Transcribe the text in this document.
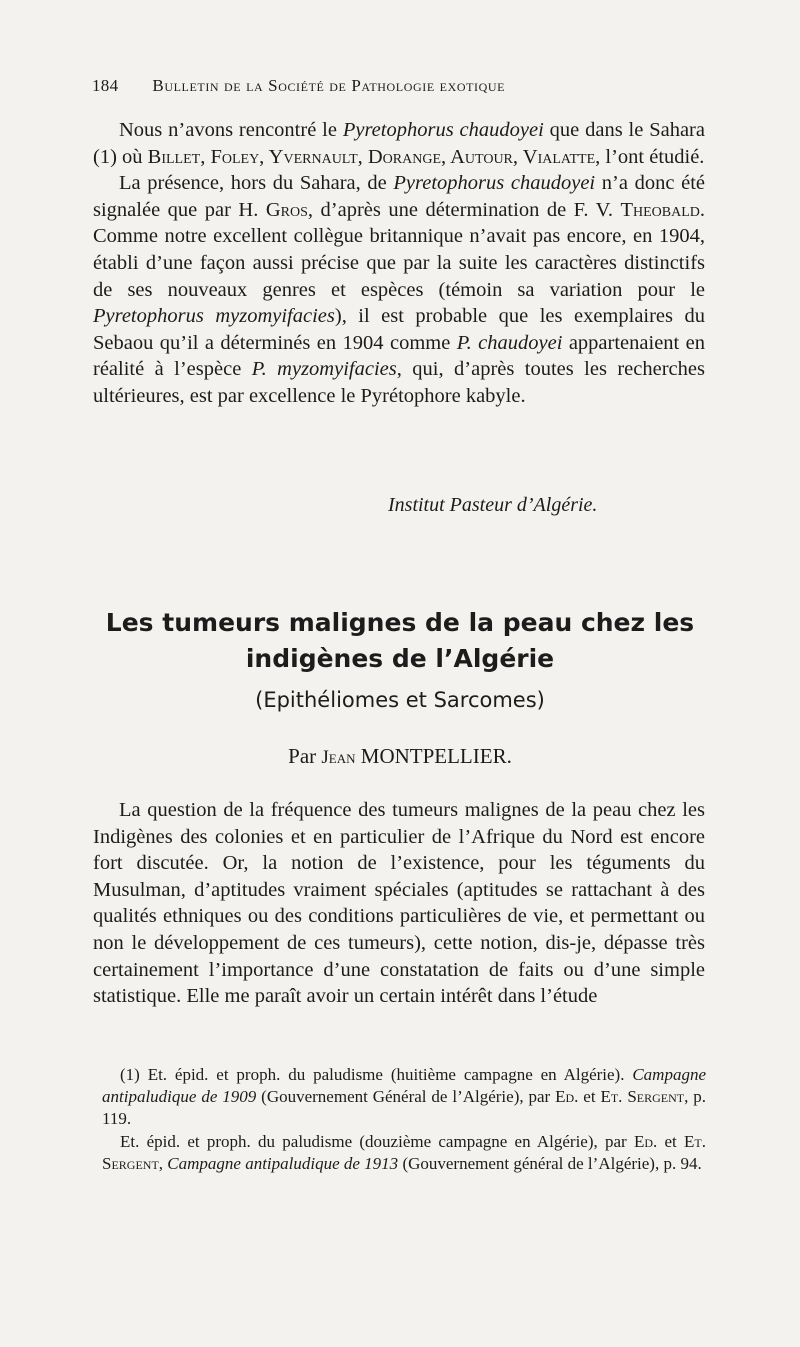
184 Bulletin de la Société de Pathologie exotique

Nous n’avons rencontré le Pyretophorus chaudoyei que dans le Sahara (1) où Billet, Foley, Yvernault, Dorange, Autour, Vialatte, l’ont étudié.

La présence, hors du Sahara, de Pyretophorus chaudoyei n’a donc été signalée que par H. Gros, d’après une détermination de F. V. Theobald. Comme notre excellent collègue britannique n’avait pas encore, en 1904, établi d’une façon aussi précise que par la suite les caractères distinctifs de ses nouveaux genres et espèces (témoin sa variation pour le Pyretophorus myzomyifacies), il est probable que les exemplaires du Sebaou qu’il a déterminés en 1904 comme P. chaudoyei appartenaient en réalité à l’espèce P. myzomyifacies, qui, d’après toutes les recherches ultérieures, est par excellence le Pyrétophore kabyle.

Institut Pasteur d’Algérie.
Les tumeurs malignes de la peau chez les
indigènes de l’Algérie
(Epithéliomes et Sarcomes)
Par Jean MONTPELLIER.

La question de la fréquence des tumeurs malignes de la peau chez les Indigènes des colonies et en particulier de l’Afrique du Nord est encore fort discutée. Or, la notion de l’existence, pour les téguments du Musulman, d’aptitudes vraiment spéciales (aptitudes se rattachant à des qualités ethniques ou des conditions particulières de vie, et permettant ou non le développement de ces tumeurs), cette notion, dis-je, dépasse très certainement l’importance d’une constatation de faits ou d’une simple statistique. Elle me paraît avoir un certain intérêt dans l’étude

(1) Et. épid. et proph. du paludisme (huitième campagne en Algérie). Campagne antipaludique de 1909 (Gouvernement Général de l’Algérie), par Ed. et Et. Sergent, p. 119.

Et. épid. et proph. du paludisme (douzième campagne en Algérie), par Ed. et Et. Sergent, Campagne antipaludique de 1913 (Gouvernement général de l’Algérie), p. 94.
